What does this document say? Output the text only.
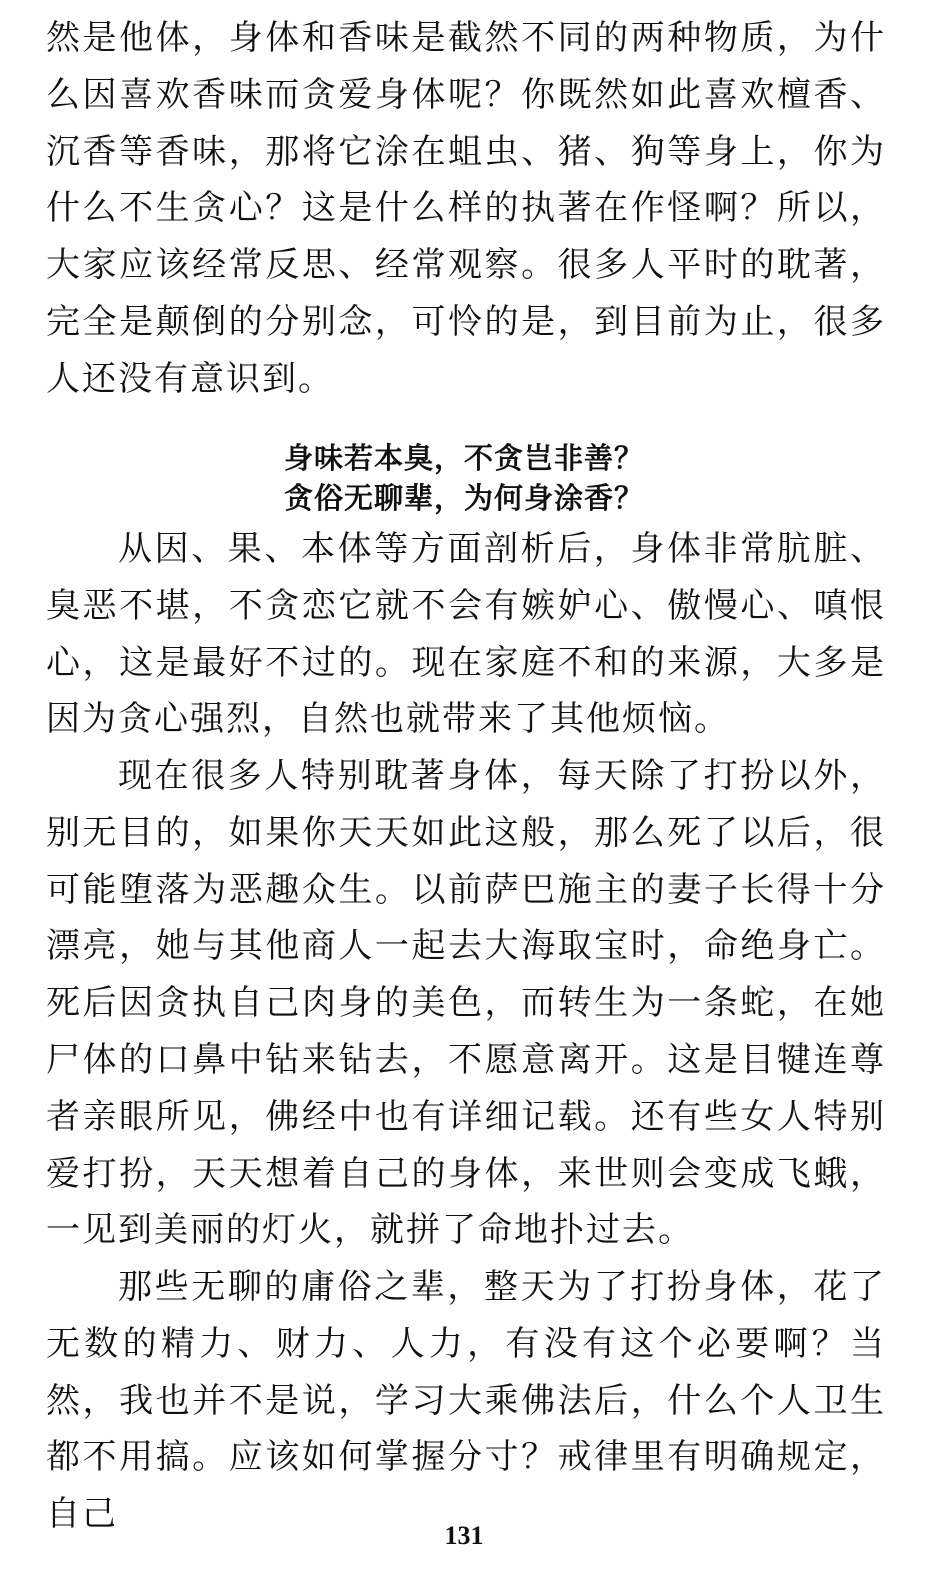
然是他体，身体和香味是截然不同的两种物质，为什么因喜欢香味而贪爱身体呢？你既然如此喜欢檀香、沉香等香味，那将它涂在蛆虫、猪、狗等身上，你为什么不生贪心？这是什么样的执著在作怪啊？所以，大家应该经常反思、经常观察。很多人平时的耽著，完全是颠倒的分别念，可怜的是，到目前为止，很多人还没有意识到。

身味若本臭，不贪岂非善？
贪俗无聊辈，为何身涂香？

从因、果、本体等方面剖析后，身体非常肮脏、臭恶不堪，不贪恋它就不会有嫉妒心、傲慢心、嗔恨心，这是最好不过的。现在家庭不和的来源，大多是因为贪心强烈，自然也就带来了其他烦恼。

现在很多人特别耽著身体，每天除了打扮以外，别无目的，如果你天天如此这般，那么死了以后，很可能堕落为恶趣众生。以前萨巴施主的妻子长得十分漂亮，她与其他商人一起去大海取宝时，命绝身亡。死后因贪执自己肉身的美色，而转生为一条蛇，在她尸体的口鼻中钻来钻去，不愿意离开。这是目犍连尊者亲眼所见，佛经中也有详细记载。还有些女人特别爱打扮，天天想着自己的身体，来世则会变成飞蛾，一见到美丽的灯火，就拼了命地扑过去。

那些无聊的庸俗之辈，整天为了打扮身体，花了无数的精力、财力、人力，有没有这个必要啊？当然，我也并不是说，学习大乘佛法后，什么个人卫生都不用搞。应该如何掌握分寸？戒律里有明确规定，自己

131
